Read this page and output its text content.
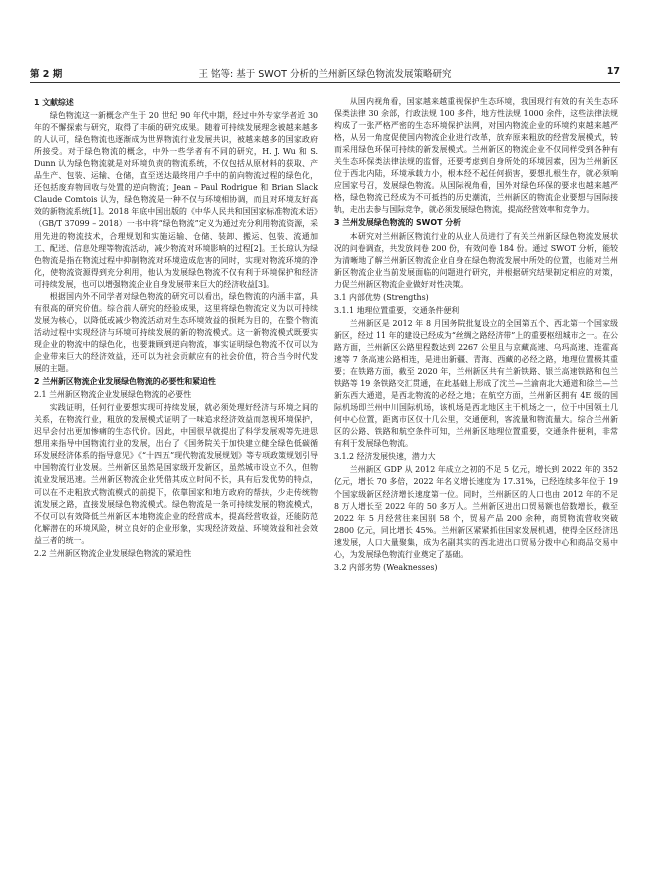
第 2 期	王 铭等: 基于 SWOT 分析的兰州新区绿色物流发展策略研究	17

1 文献综述

绿色物流这一新概念产生于 20 世纪 90 年代中期，经过中外专家学者近 30 年的不懈探索与研究，取得了丰硕的研究成果。随着可持续发展理念被越来越多的人认可，绿色物流也逐渐成为世界物流行业发展共识，被越来越多的国家政府所接受。对于绿色物流的概念，中外一些学者有不同的研究，H. J. Wu 和 S. Dunn 认为绿色物流就是对环境负责的物流系统，不仅包括从原材料的获取、产品生产、包装、运输、仓储，直至送达最终用户手中的前向物流过程的绿色化，还包括废弃物回收与处置的逆向物流；Jean – Paul Rodrigue 和 Brian Slack Claude Comtois 认为，绿色物流是一种不仅与环境相协调，而且对环境友好高效的新物流系统[1]。2018 年底中国出版的《中华人民共和国国家标准物流术语》（GB/T 37099 – 2018）一书中将“绿色物流”定义为通过充分利用物流资源，采用先进的物流技术，合理规划和实施运输、仓储、装卸、搬运、包装、流通加工、配送、信息处理等物流活动，减少物流对环境影响的过程[2]。王长琼认为绿色物流是指在物流过程中抑制物流对环境造成危害的同时，实现对物流环境的净化，使物流资源得到充分利用，他认为发展绿色物流不仅有利于环境保护和经济可持续发展，也可以增强物流企业自身发展带来巨大的经济收益[3]。

根据国内外不同学者对绿色物流的研究可以看出，绿色物流的内涵丰富，具有很高的研究价值。综合前人研究的经验成果，这里将绿色物流定义为以可持续发展为核心，以降低或减少物流活动对生态环境效益的损耗为目的，在整个物流活动过程中实现经济与环境可持续发展的新的物流模式。这一新物流模式既要实现企业的物流中的绿色化，也要兼顾到逆向物流，事实证明绿色物流不仅可以为企业带来巨大的经济效益，还可以为社会贡献应有的社会价值，符合当今时代发展的主题。

2 兰州新区物流企业发展绿色物流的必要性和紧迫性

2.1 兰州新区物流企业发展绿色物流的必要性

实践证明，任何行业要想实现可持续发展，就必须处理好经济与环境之间的关系，在物流行业，粗放的发展模式证明了一味追求经济效益而忽视环境保护，迟早会付出更加惨痛的生态代价。因此，中国很早就提出了科学发展观等先进思想用来指导中国物流行业的发展，出台了《国务院关于加快建立健全绿色低碳循环发展经济体系的指导意见》《“十四五”现代物流发展规划》等专项政策规划引导中国物流行业发展。兰州新区虽然是国家级开发新区，虽然城市设立不久，但物流业发展迅速。兰州新区物流企业凭借其成立时间不长，具有后发优势的特点，可以在不走粗放式物流模式的前提下，依靠国家和地方政府的帮扶，少走传统物流发展之路，直接发展绿色物流模式。绿色物流是一条可持续发展的物流模式，不仅可以有效降低兰州新区本地物流企业的经营成本，提高经营收益，还能防范化解潜在的环境风险，树立良好的企业形象，实现经济效益、环境效益和社会效益三者的统一。

2.2 兰州新区物流企业发展绿色物流的紧迫性

从国内视角看，国家越来越重视保护生态环境，我国现行有效的有关生态环保类法律 30 余部，行政法规 100 多件，地方性法规 1000 余件，这些法律法规构成了一张严格严密的生态环境保护法网，对国内物流企业的环境约束越来越严格，从另一角度促使国内物流企业进行改革，放弃原来粗放的经营发展模式，转而采用绿色环保可持续的新发展模式。兰州新区的物流企业不仅同样受到各种有关生态环保类法律法规的监督，还要考虑到自身所处的环境因素，因为兰州新区位于西北内陆，环境承载力小，根本经不起任何损害，要想扎根生存，就必须响应国家号召，发展绿色物流。从国际视角看，国外对绿色环保的要求也越来越严格，绿色物流已经成为不可抵挡的历史潮流，兰州新区的物流企业要想与国际接轨，走出去参与国际竞争，就必须发展绿色物流，提高经营效率和竞争力。

3 兰州发展绿色物流的 SWOT 分析

本研究对兰州新区物流行业的从业人员进行了有关兰州新区绿色物流发展状况的问卷调查，共发放问卷 200 份，有效问卷 184 份。通过 SWOT 分析，能较为清晰地了解兰州新区物流企业自身在绿色物流发展中所处的位置，也能对兰州新区物流企业当前发展面临的问题进行研究，并根据研究结果制定相应的对策，力促兰州新区物流企业做好对性决策。

3.1 内部优势 (Strengths)

3.1.1 地理位置重要，交通条件便利

兰州新区是 2012 年 8 月国务院批复设立的全国第五个、西北第一个国家级新区，经过 11 年的建设已经成为“丝绸之路经济带”上的重要枢纽城市之一。在公路方面，兰州新区公路里程数达到 2267 公里且与京藏高速、乌玛高速、连霍高速等 7 条高速公路相连，是进出新疆、青海、西藏的必经之路，地理位置极其重要；在铁路方面，截至 2020 年，兰州新区共有兰新铁路、银兰高速铁路和包兰铁路等 19 条铁路交汇贯通，在此基础上形成了沈兰—兰渝南北大通道和徐兰—兰新东西大通道，是西北物流的必经之地；在航空方面，兰州新区拥有 4E 级的国际机场即兰州中川国际机场，该机场是西北地区主干机场之一，位于中国领土几何中心位置，距离市区仅十几公里，交通便利，客流量和物流量大。综合兰州新区的公路、铁路和航空条件可知，兰州新区地理位置重要，交通条件便利，非常有利于发展绿色物流。

3.1.2 经济发展快速，潜力大

兰州新区 GDP 从 2012 年成立之初的不足 5 亿元，增长到 2022 年的 352 亿元，增长 70 多倍，2022 年名义增长速度为 17.31%，已经连续多年位于 19 个国家级新区经济增长速度第一位。同时，兰州新区的人口也由 2012 年的不足 8 万人增长至 2022 年的 50 多万人。兰州新区进出口贸易额也倍数增长，截至 2022 年 5 月经营往来国别 58 个，贸易产品 200 余种，商贸物流营收突破 2800 亿元，同比增长 45%。兰州新区紧紧抓住国家发展机遇，使得全区经济迅速发展，人口大量聚集，成为名副其实的西北进出口贸易分拨中心和商品交易中心，为发展绿色物流行业奠定了基础。

3.2 内部劣势 (Weaknesses)
